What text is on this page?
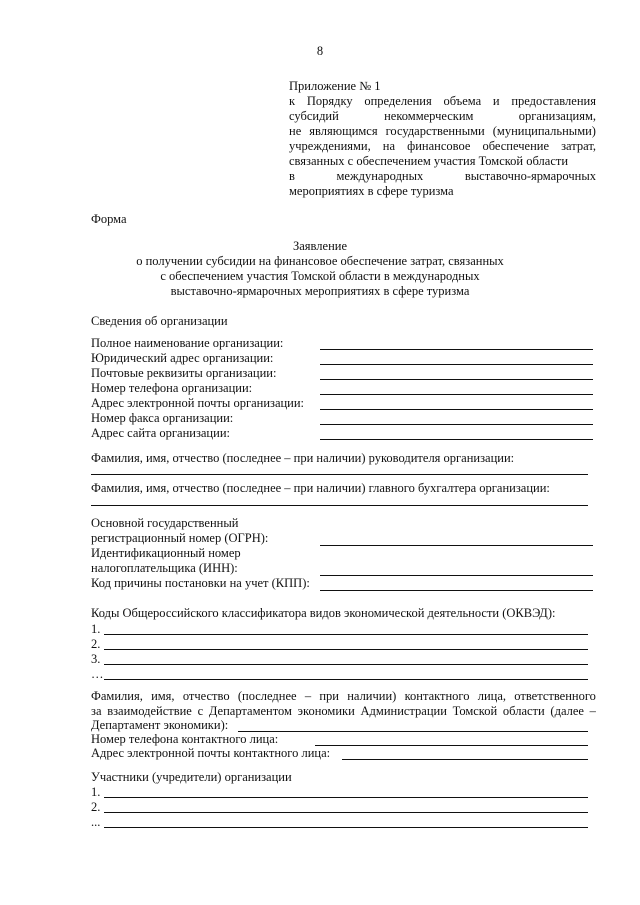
8
Приложение № 1
к Порядку определения объема и предоставления
субсидий	некоммерческим	организациям,
не являющимся государственными (муниципальными)
учреждениями, на финансовое обеспечение затрат,
связанных с обеспечением участия Томской области
в	международных	выставочно-ярмарочных
мероприятиях в сфере туризма
Форма
Заявление
о получении субсидии на финансовое обеспечение затрат, связанных
с обеспечением участия Томской области в международных
выставочно-ярмарочных мероприятиях в сфере туризма
Сведения об организации
Полное наименование организации:
Юридический адрес организации:
Почтовые реквизиты организации:
Номер телефона организации:
Адрес электронной почты организации:
Номер факса организации:
Адрес сайта организации:
Фамилия, имя, отчество (последнее – при наличии) руководителя организации:
Фамилия, имя, отчество (последнее – при наличии) главного бухгалтера организации:
Основной государственный
регистрационный номер (ОГРН):
Идентификационный номер
налогоплательщика (ИНН):
Код причины постановки на учет (КПП):
Коды Общероссийского классификатора видов экономической деятельности (ОКВЭД):
1.
2.
3.
…
Фамилия, имя, отчество (последнее – при наличии) контактного лица, ответственного
за взаимодействие с Департаментом экономики Администрации Томской области (далее –
Департамент экономики):
Номер телефона контактного лица:
Адрес электронной почты контактного лица:
Участники (учредители) организации
1.
2.
...
